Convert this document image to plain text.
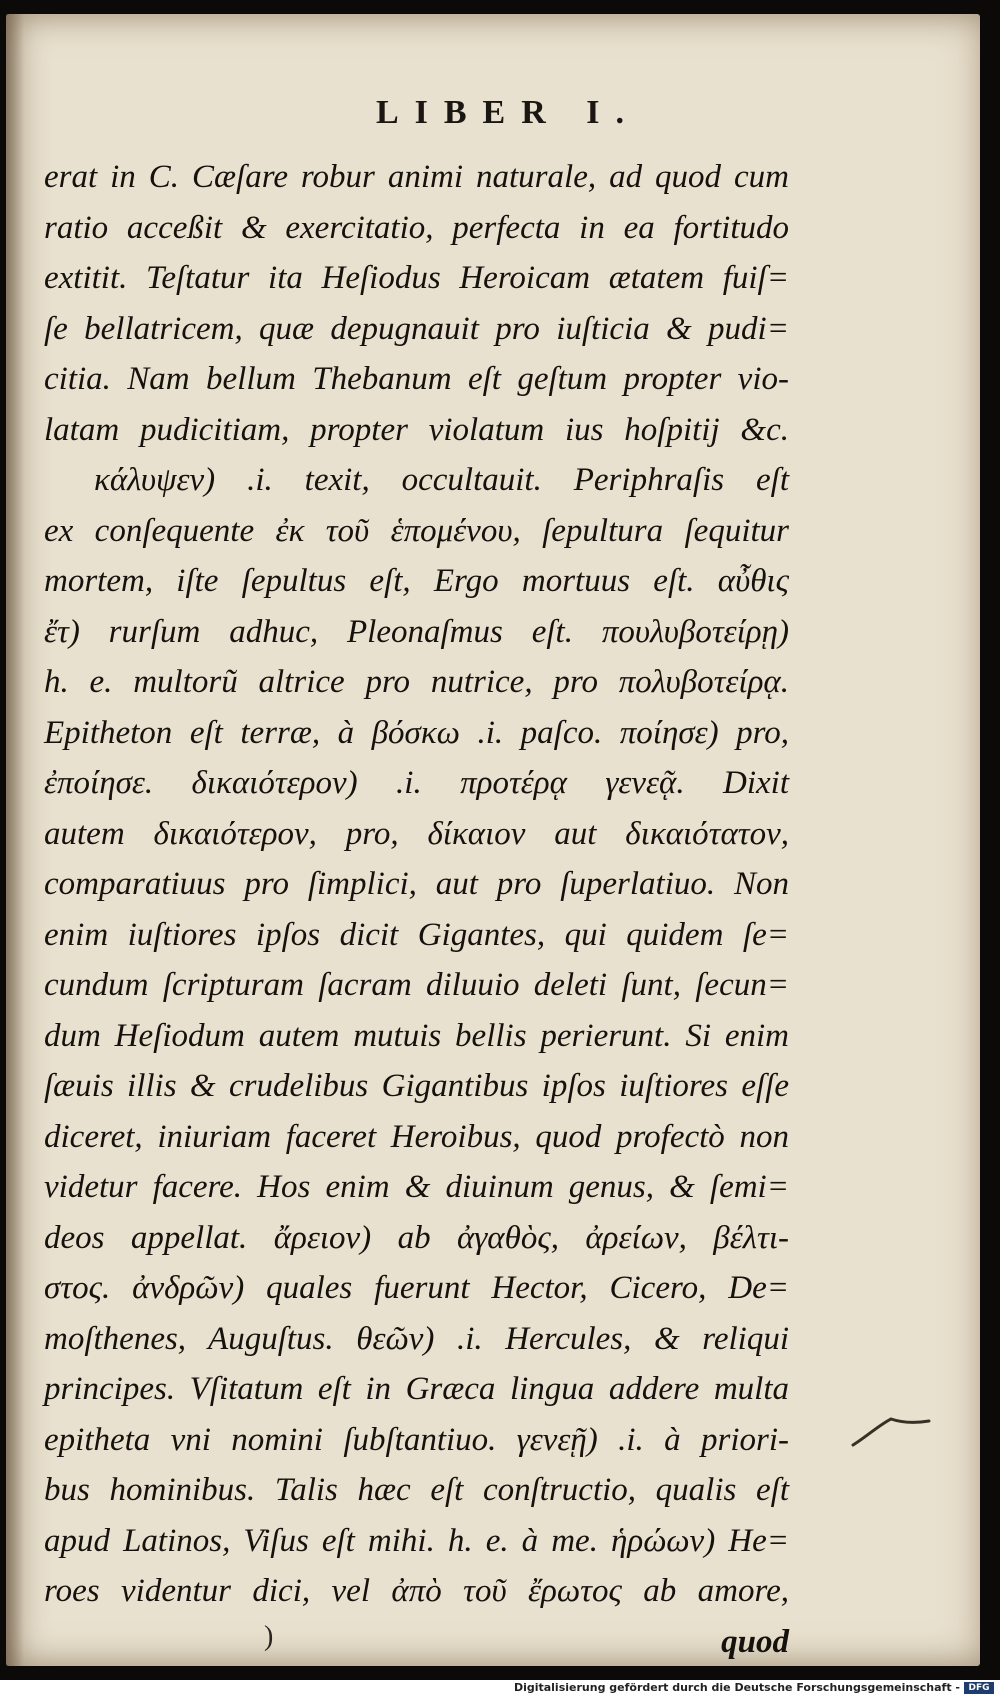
LIBER I.
erat in C. Cæſare robur animi naturale, ad quod cum
ratio acceßit & exercitatio, perfecta in ea fortitudo
extitit. Teſtatur ita Heſiodus Heroicam ætatem fuiſ=
ſe bellatricem, quæ depugnauit pro iuſticia & pudi=
citia. Nam bellum Thebanum eſt geſtum propter vio-
latam pudicitiam, propter violatum ius hoſpitij &c.
κάλυψεν) .i. texit, occultauit. Periphraſis eſt
ex conſequente ἐκ τοῦ ἑπομένου, ſepultura ſequitur
mortem, iſte ſepultus eſt, Ergo mortuus eſt. αὖθις
ἔτ) rurſum adhuc, Pleonaſmus eſt. πουλυβοτείρῃ)
h. e. multorũ altrice pro nutrice, pro πολυβοτείρᾳ.
Epitheton eſt terræ, à βόσκω .i. paſco. ποίησε) pro,
ἐποίησε. δικαιότερον) .i. προτέρᾳ γενεᾷ. Dixit
autem δικαιότερον, pro, δίκαιον aut δικαιότατον,
comparatiuus pro ſimplici, aut pro ſuperlatiuo. Non
enim iuſtiores ipſos dicit Gigantes, qui quidem ſe=
cundum ſcripturam ſacram diluuio deleti ſunt, ſecun=
dum Heſiodum autem mutuis bellis perierunt. Si enim
ſæuis illis & crudelibus Gigantibus ipſos iuſtiores eſſe
diceret, iniuriam faceret Heroibus, quod profectò non
videtur facere. Hos enim & diuinum genus, & ſemi=
deos appellat. ἄρειον) ab ἀγαθὸς, ἀρείων, βέλτι-
στος. ἀνδρῶν) quales fuerunt Hector, Cicero, De=
moſthenes, Auguſtus. θεῶν) .i. Hercules, & reliqui
principes. Vſitatum eſt in Græca lingua addere multa
epitheta vni nomini ſubſtantiuo. γενεῇ) .i. à priori-
bus hominibus. Talis hæc eſt conſtructio, qualis eſt
apud Latinos, Viſus eſt mihi. h. e. à me. ἡρώων) He=
roes videntur dici, vel ἀπὸ τοῦ ἔρωτος ab amore,
quod
)
Digitalisierung gefördert durch die Deutsche Forschungsgemeinschaft - DFG
